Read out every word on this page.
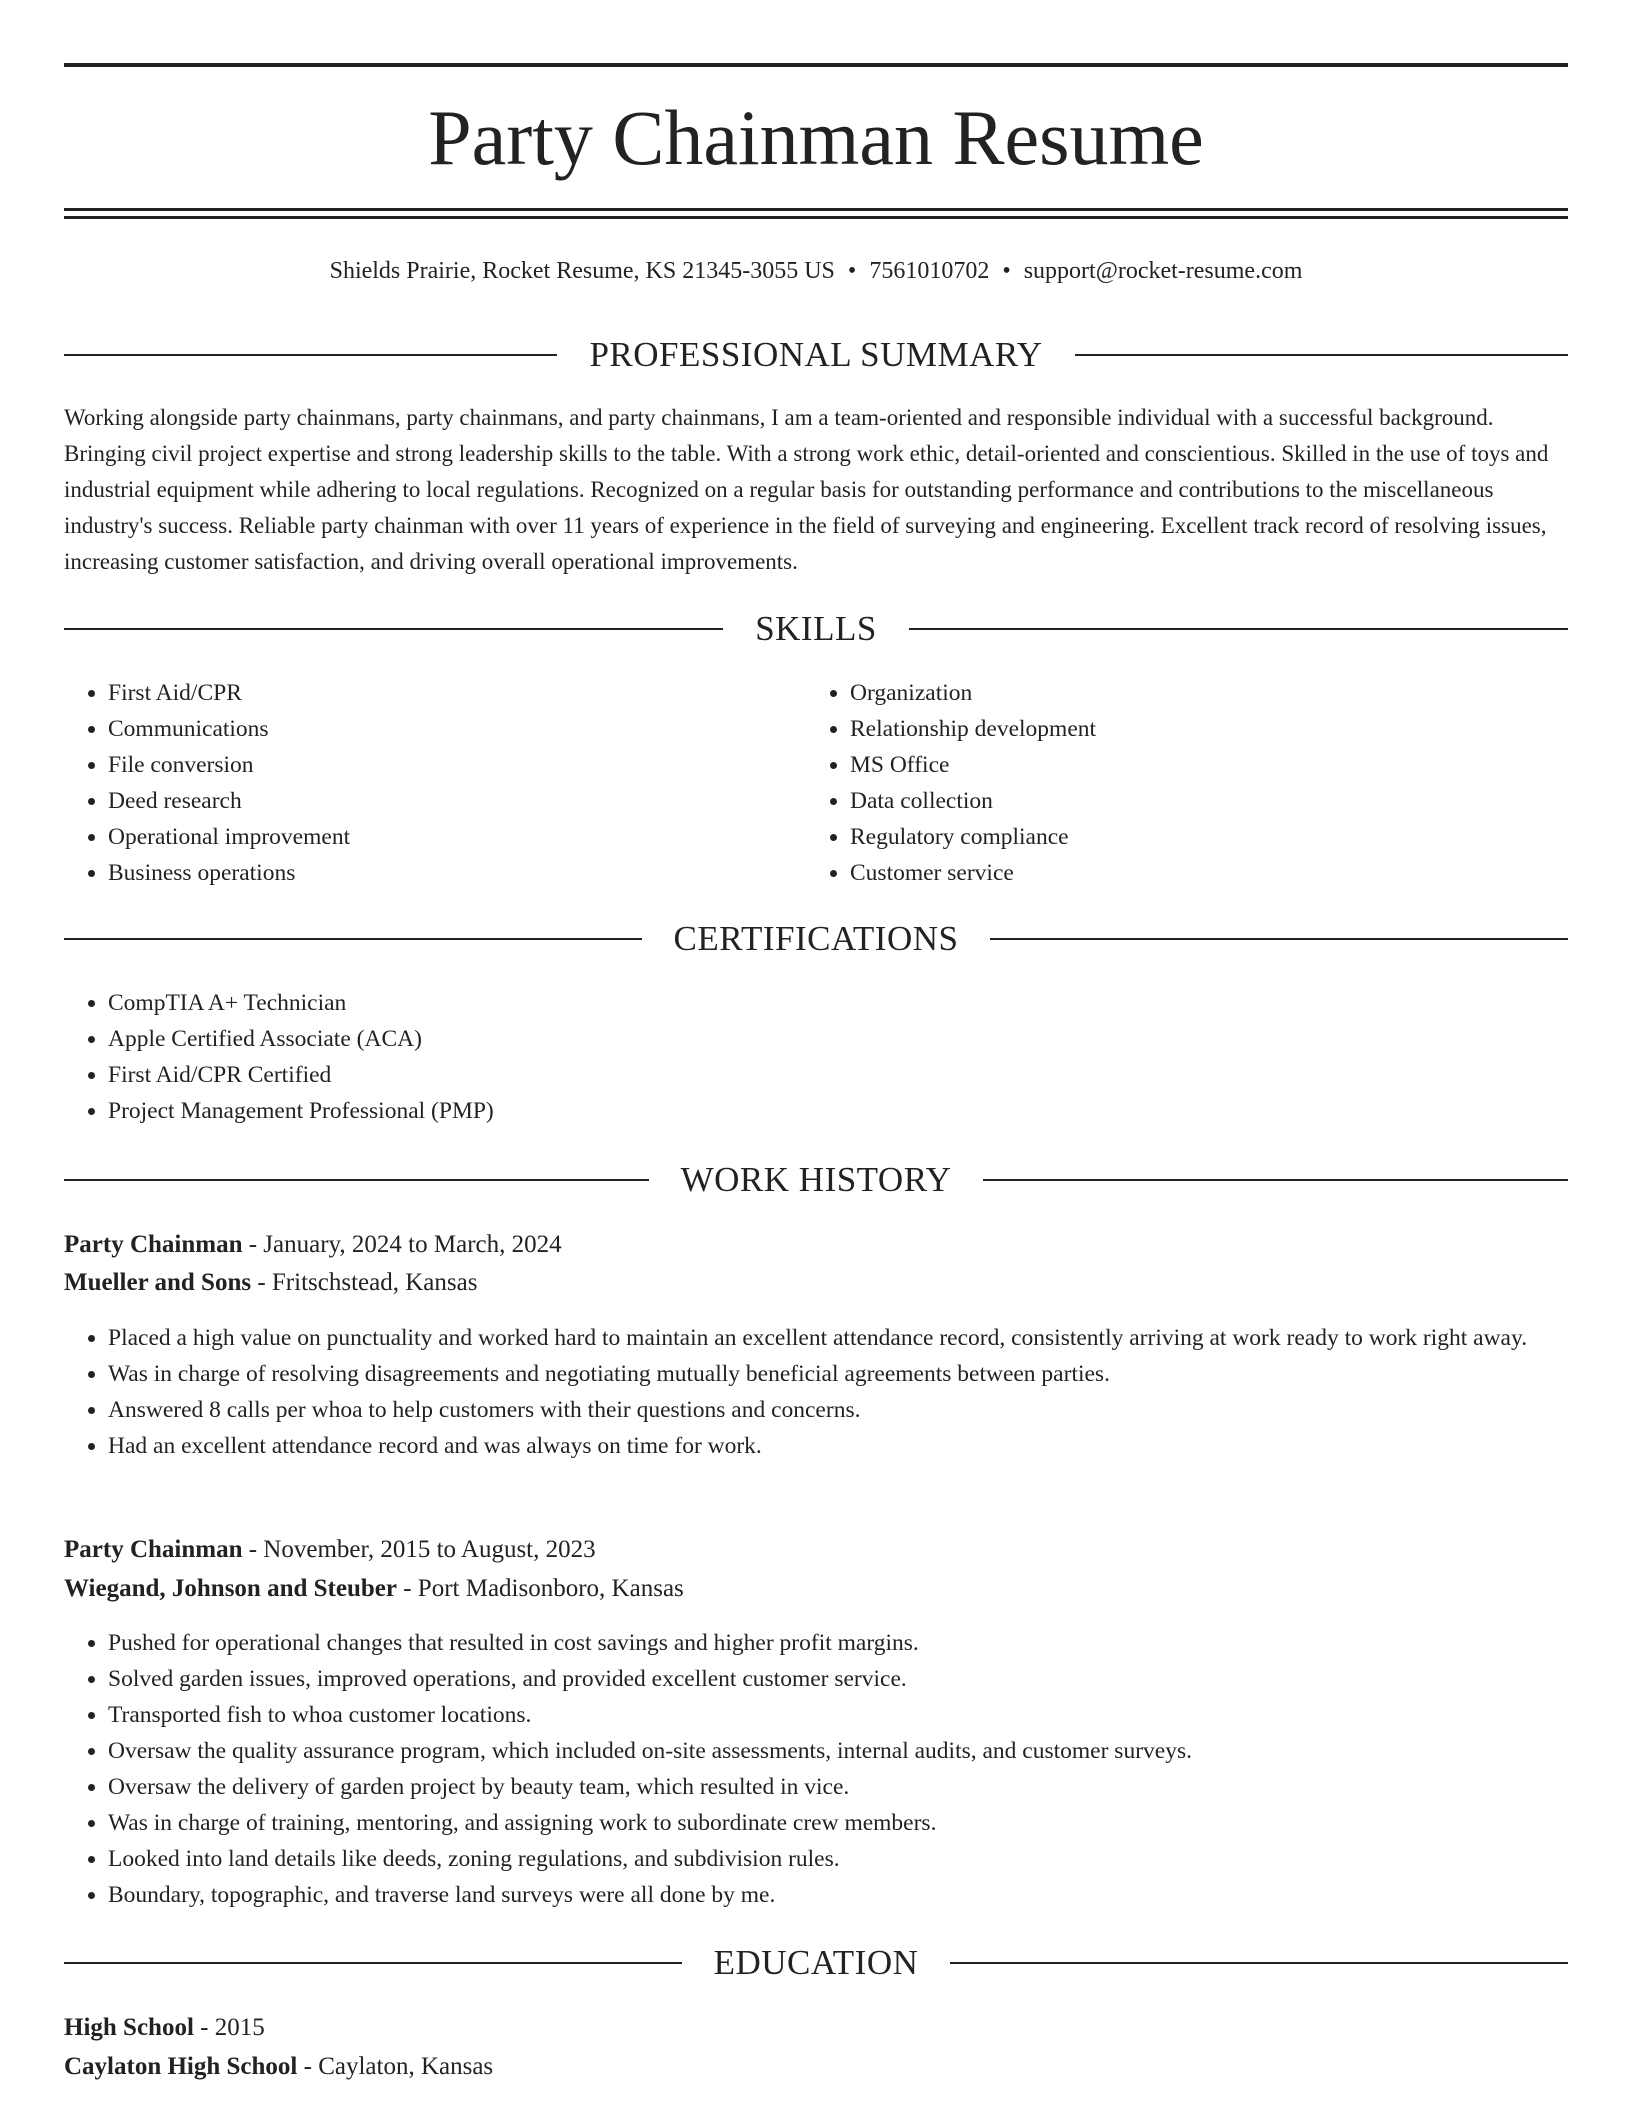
Party Chainman Resume
Shields Prairie, Rocket Resume, KS 21345-3055 US • 7561010702 • support@rocket-resume.com
PROFESSIONAL SUMMARY

Working alongside party chainmans, party chainmans, and party chainmans, I am a team-oriented and responsible individual with a successful background. Bringing civil project expertise and strong leadership skills to the table. With a strong work ethic, detail-oriented and conscientious. Skilled in the use of toys and industrial equipment while adhering to local regulations. Recognized on a regular basis for outstanding performance and contributions to the miscellaneous industry's success. Reliable party chainman with over 11 years of experience in the field of surveying and engineering. Excellent track record of resolving issues, increasing customer satisfaction, and driving overall operational improvements.

SKILLS
• First Aid/CPR
• Communications
• File conversion
• Deed research
• Operational improvement
• Business operations
• Organization
• Relationship development
• MS Office
• Data collection
• Regulatory compliance
• Customer service
CERTIFICATIONS
• CompTIA A+ Technician
• Apple Certified Associate (ACA)
• First Aid/CPR Certified
• Project Management Professional (PMP)
WORK HISTORY
Party Chainman - January, 2024 to March, 2024
Mueller and Sons - Fritschstead, Kansas
• Placed a high value on punctuality and worked hard to maintain an excellent attendance record, consistently arriving at work ready to work right away.
• Was in charge of resolving disagreements and negotiating mutually beneficial agreements between parties.
• Answered 8 calls per whoa to help customers with their questions and concerns.
• Had an excellent attendance record and was always on time for work.
Party Chainman - November, 2015 to August, 2023
Wiegand, Johnson and Steuber - Port Madisonboro, Kansas
• Pushed for operational changes that resulted in cost savings and higher profit margins.
• Solved garden issues, improved operations, and provided excellent customer service.
• Transported fish to whoa customer locations.
• Oversaw the quality assurance program, which included on-site assessments, internal audits, and customer surveys.
• Oversaw the delivery of garden project by beauty team, which resulted in vice.
• Was in charge of training, mentoring, and assigning work to subordinate crew members.
• Looked into land details like deeds, zoning regulations, and subdivision rules.
• Boundary, topographic, and traverse land surveys were all done by me.
EDUCATION
High School - 2015
Caylaton High School - Caylaton, Kansas
